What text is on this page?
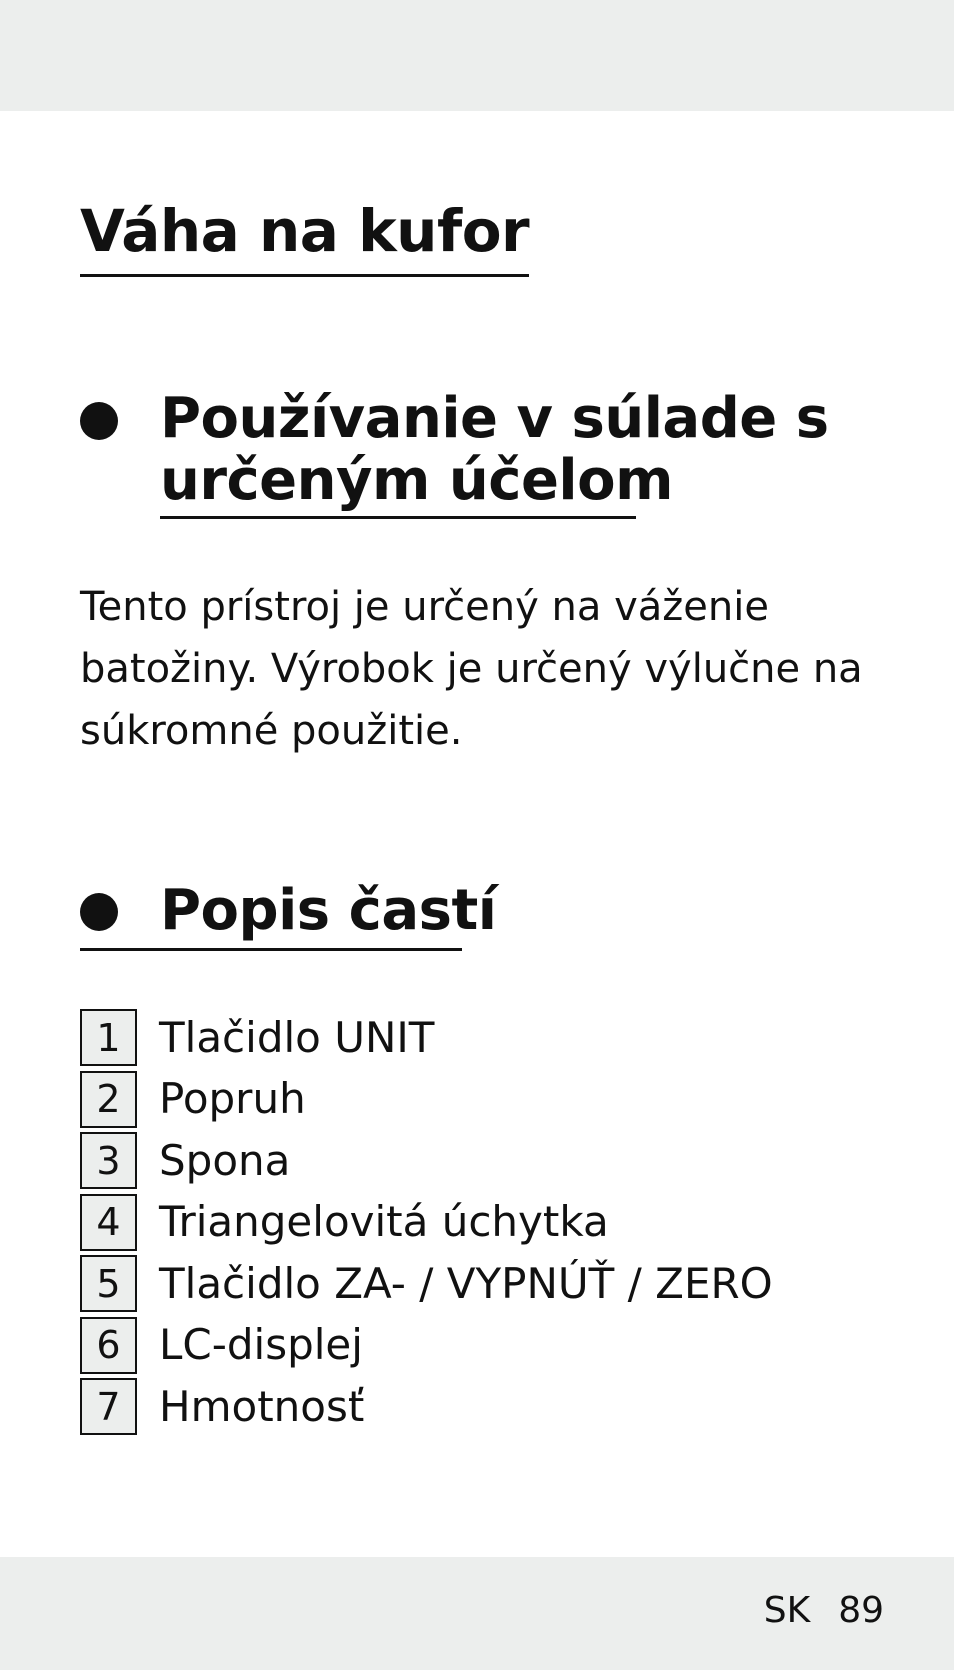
Váha na kufor
Používanie v súlade s
určeným účelom
Tento prístroj je určený na váženie
batožiny. Výrobok je určený výlučne na
súkromné použitie.
Popis častí
1 Tlačidlo UNIT
2 Popruh
3 Spona
4 Triangelovitá úchytka
5 Tlačidlo ZA- / VYPNÚŤ / ZERO
6 LC-displej
7 Hmotnosť
SK 89
